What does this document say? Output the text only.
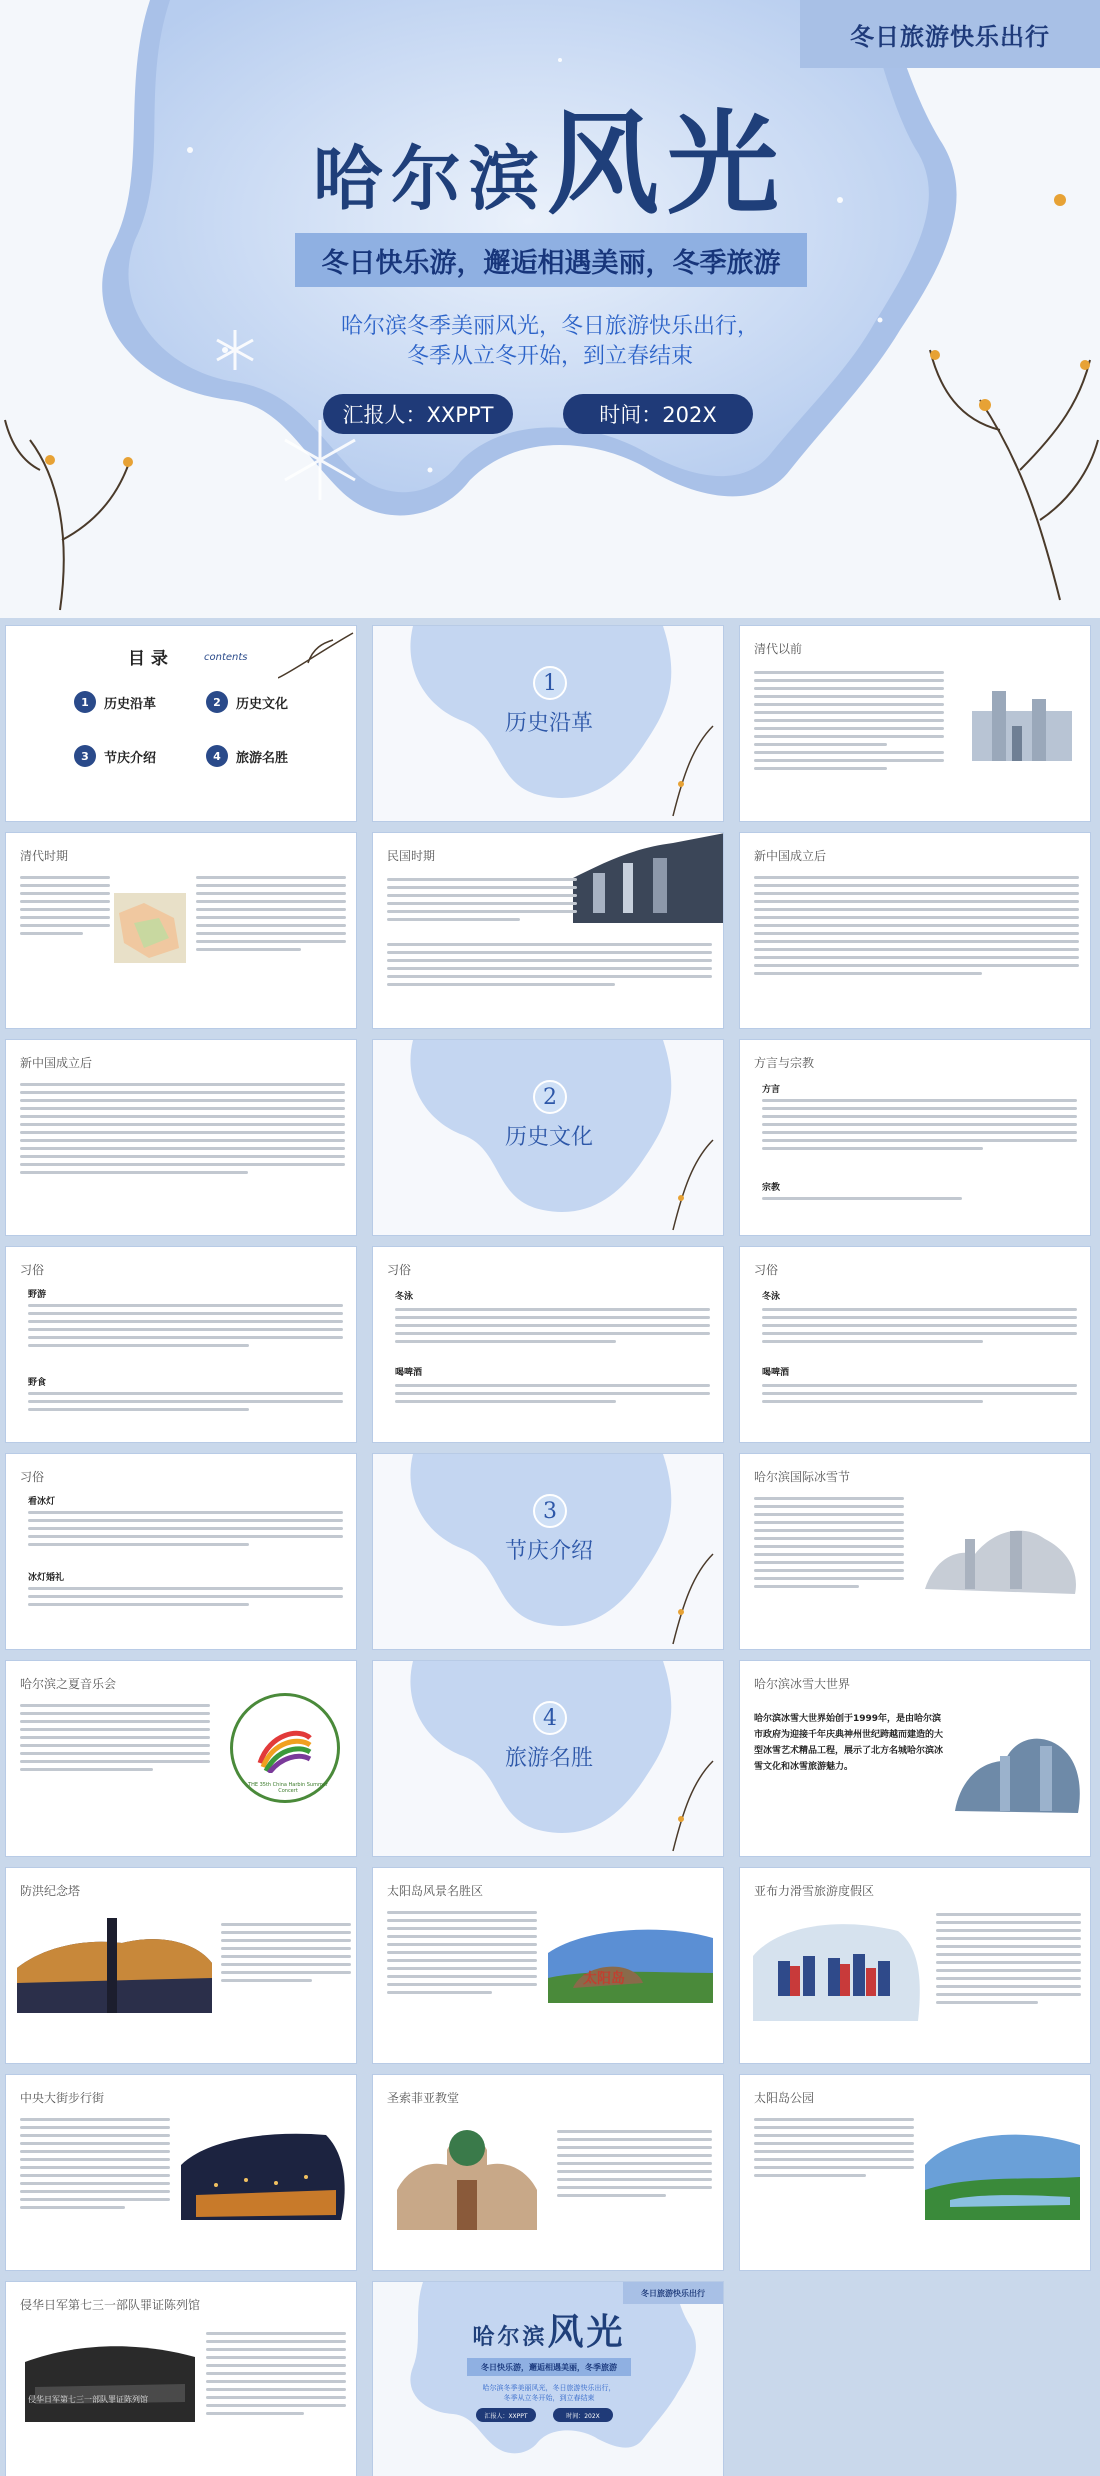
冬日旅游快乐出行
哈尔滨风光
冬日快乐游，邂逅相遇美丽，冬季旅游
哈尔滨冬季美丽风光，冬日旅游快乐出行，
冬季从立冬开始，到立春结束
汇报人：XXPPT	时间：202X
目 录	contents
1	历史沿革	2	历史文化
3	节庆介绍	4	旅游名胜
1
历史沿革
清代以前
清代时期	民国时期	新中国成立后
新中国成立后
2
历史文化
方言与宗教
方言
宗教
习俗
野游
野食
习俗
冬泳
喝啤酒
习俗
冬泳
喝啤酒
习俗
看冰灯
冰灯婚礼
3
节庆介绍
哈尔滨国际冰雪节
哈尔滨之夏音乐会
THE 35th China Harbin Summer Concert
4
旅游名胜
哈尔滨冰雪大世界
哈尔滨冰雪大世界始创于1999年，是由哈尔滨市政府为迎接千年庆典神州世纪跨越而建造的大型冰雪艺术精品工程，展示了北方名城哈尔滨冰雪文化和冰雪旅游魅力。
防洪纪念塔	太阳岛风景名胜区
太阳岛
亚布力滑雪旅游度假区
中央大街步行街	圣索菲亚教堂	太阳岛公园
侵华日军第七三一部队罪证陈列馆
侵华日军第七三一部队罪证陈列馆
冬日旅游快乐出行
哈尔滨风光
冬日快乐游，邂逅相遇美丽，冬季旅游
哈尔滨冬季美丽风光，冬日旅游快乐出行，
冬季从立冬开始，到立春结束
汇报人：XXPPT	时间：202X
